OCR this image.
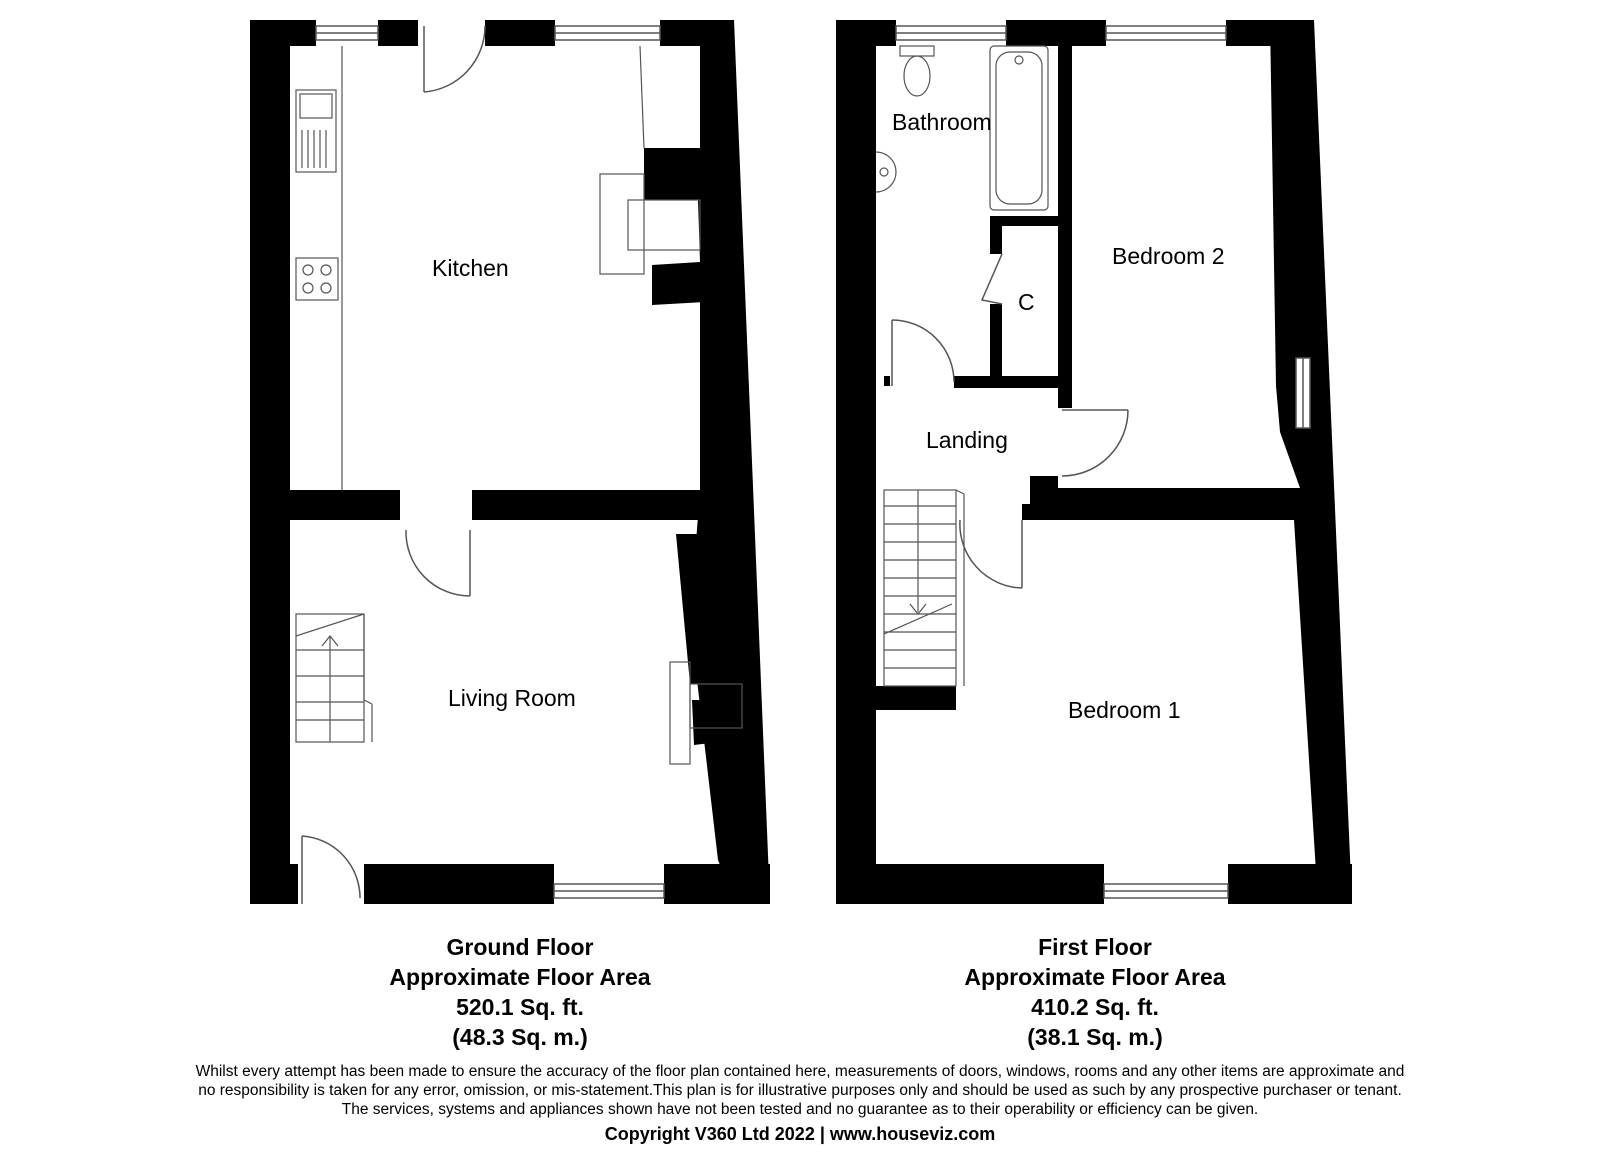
Kitchen
Living Room
Bathroom
C
Bedroom 2
Landing
Bedroom 1
Ground Floor
Approximate Floor Area
520.1 Sq. ft.
(48.3 Sq. m.)
First Floor
Approximate Floor Area
410.2 Sq. ft.
(38.1 Sq. m.)
Whilst every attempt has been made to ensure the accuracy of the floor plan contained here, measurements of doors, windows, rooms and any other items are approximate and
no responsibility is taken for any error, omission, or mis-statement.This plan is for illustrative purposes only and should be used as such by any prospective purchaser or tenant.
The services, systems and appliances shown have not been tested and no guarantee as to their operability or efficiency can be given.
Copyright V360 Ltd 2022 | www.houseviz.com
